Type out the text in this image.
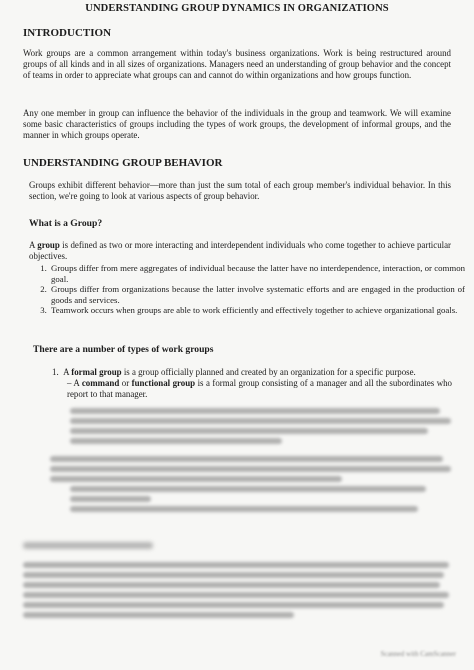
UNDERSTANDING GROUP DYNAMICS IN ORGANIZATIONS
INTRODUCTION

Work groups are a common arrangement within today's business organizations. Work is being restructured around groups of all kinds and in all sizes of organizations. Managers need an understanding of group behavior and the concept of teams in order to appreciate what groups can and cannot do within organizations and how groups function.

Any one member in group can influence the behavior of the individuals in the group and teamwork. We will examine some basic characteristics of groups including the types of work groups, the development of informal groups, and the manner in which groups operate.

UNDERSTANDING GROUP BEHAVIOR

Groups exhibit different behavior—more than just the sum total of each group member's individual behavior. In this section, we're going to look at various aspects of group behavior.

What is a Group?

A group is defined as two or more interacting and interdependent individuals who come together to achieve particular objectives.

1. Groups differ from mere aggregates of individual because the latter have no interdependence, interaction, or common goal.
2. Groups differ from organizations because the latter involve systematic efforts and are engaged in the production of goods and services.
3. Teamwork occurs when groups are able to work efficiently and effectively together to achieve organizational goals.
There are a number of types of work groups
1.  A formal group is a group officially planned and created by an organization for a specific purpose.
– A command or functional group is a formal group consisting of a manager and all the subordinates who report to that manager.
Scanned with CamScanner
